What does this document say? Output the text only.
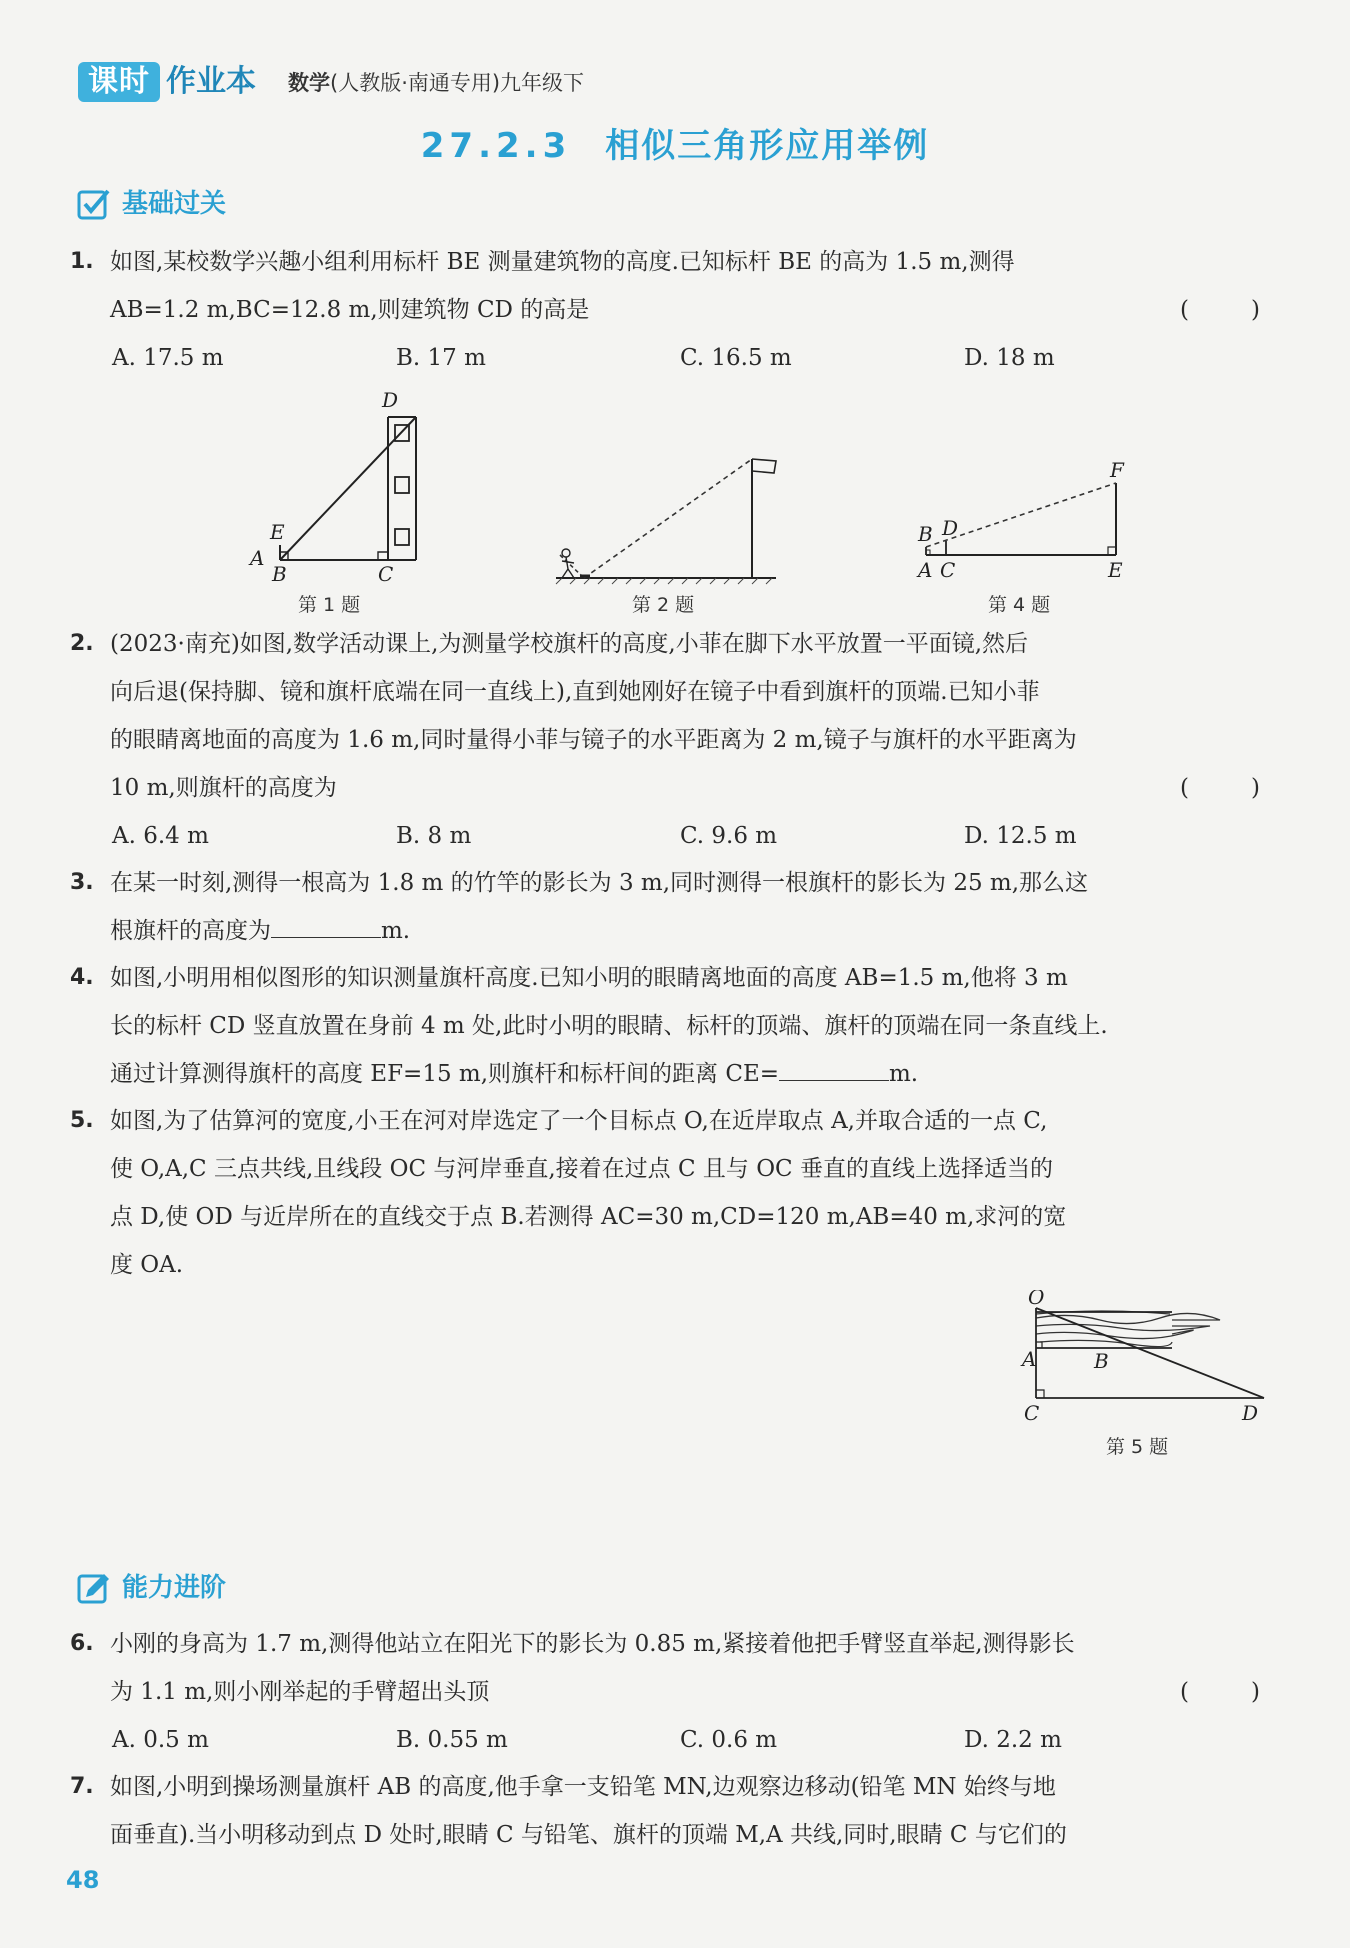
课时 作业本 数学(人教版·南通专用)九年级下
27.2.3 相似三角形应用举例
基础过关
1. 如图,某校数学兴趣小组利用标杆 BE 测量建筑物的高度.已知标杆 BE 的高为 1.5 m,测得
AB=1.2 m,BC=12.8 m,则建筑物 CD 的高是	(	)
A. 17.5 m	B. 17 m	C. 16.5 m	D. 18 m
D
E
A
B	C
第 1 题	第 2 题
F
B D
A C	E
第 4 题
2. (2023·南充)如图,数学活动课上,为测量学校旗杆的高度,小菲在脚下水平放置一平面镜,然后
向后退(保持脚、镜和旗杆底端在同一直线上),直到她刚好在镜子中看到旗杆的顶端.已知小菲
的眼睛离地面的高度为 1.6 m,同时量得小菲与镜子的水平距离为 2 m,镜子与旗杆的水平距离为
10 m,则旗杆的高度为	(	)
A. 6.4 m	B. 8 m	C. 9.6 m	D. 12.5 m
3. 在某一时刻,测得一根高为 1.8 m 的竹竿的影长为 3 m,同时测得一根旗杆的影长为 25 m,那么这
根旗杆的高度为	m.
4. 如图,小明用相似图形的知识测量旗杆高度.已知小明的眼睛离地面的高度 AB=1.5 m,他将 3 m
长的标杆 CD 竖直放置在身前 4 m 处,此时小明的眼睛、标杆的顶端、旗杆的顶端在同一条直线上.
通过计算测得旗杆的高度 EF=15 m,则旗杆和标杆间的距离 CE=	m.
5. 如图,为了估算河的宽度,小王在河对岸选定了一个目标点 O,在近岸取点 A,并取合适的一点 C,
使 O,A,C 三点共线,且线段 OC 与河岸垂直,接着在过点 C 且与 OC 垂直的直线上选择适当的
点 D,使 OD 与近岸所在的直线交于点 B.若测得 AC=30 m,CD=120 m,AB=40 m,求河的宽
度 OA.
O
A	B
C	D
第 5 题
能力进阶
6. 小刚的身高为 1.7 m,测得他站立在阳光下的影长为 0.85 m,紧接着他把手臂竖直举起,测得影长
为 1.1 m,则小刚举起的手臂超出头顶	(	)
A. 0.5 m	B. 0.55 m	C. 0.6 m	D. 2.2 m
7. 如图,小明到操场测量旗杆 AB 的高度,他手拿一支铅笔 MN,边观察边移动(铅笔 MN 始终与地
面垂直).当小明移动到点 D 处时,眼睛 C 与铅笔、旗杆的顶端 M,A 共线,同时,眼睛 C 与它们的
48
